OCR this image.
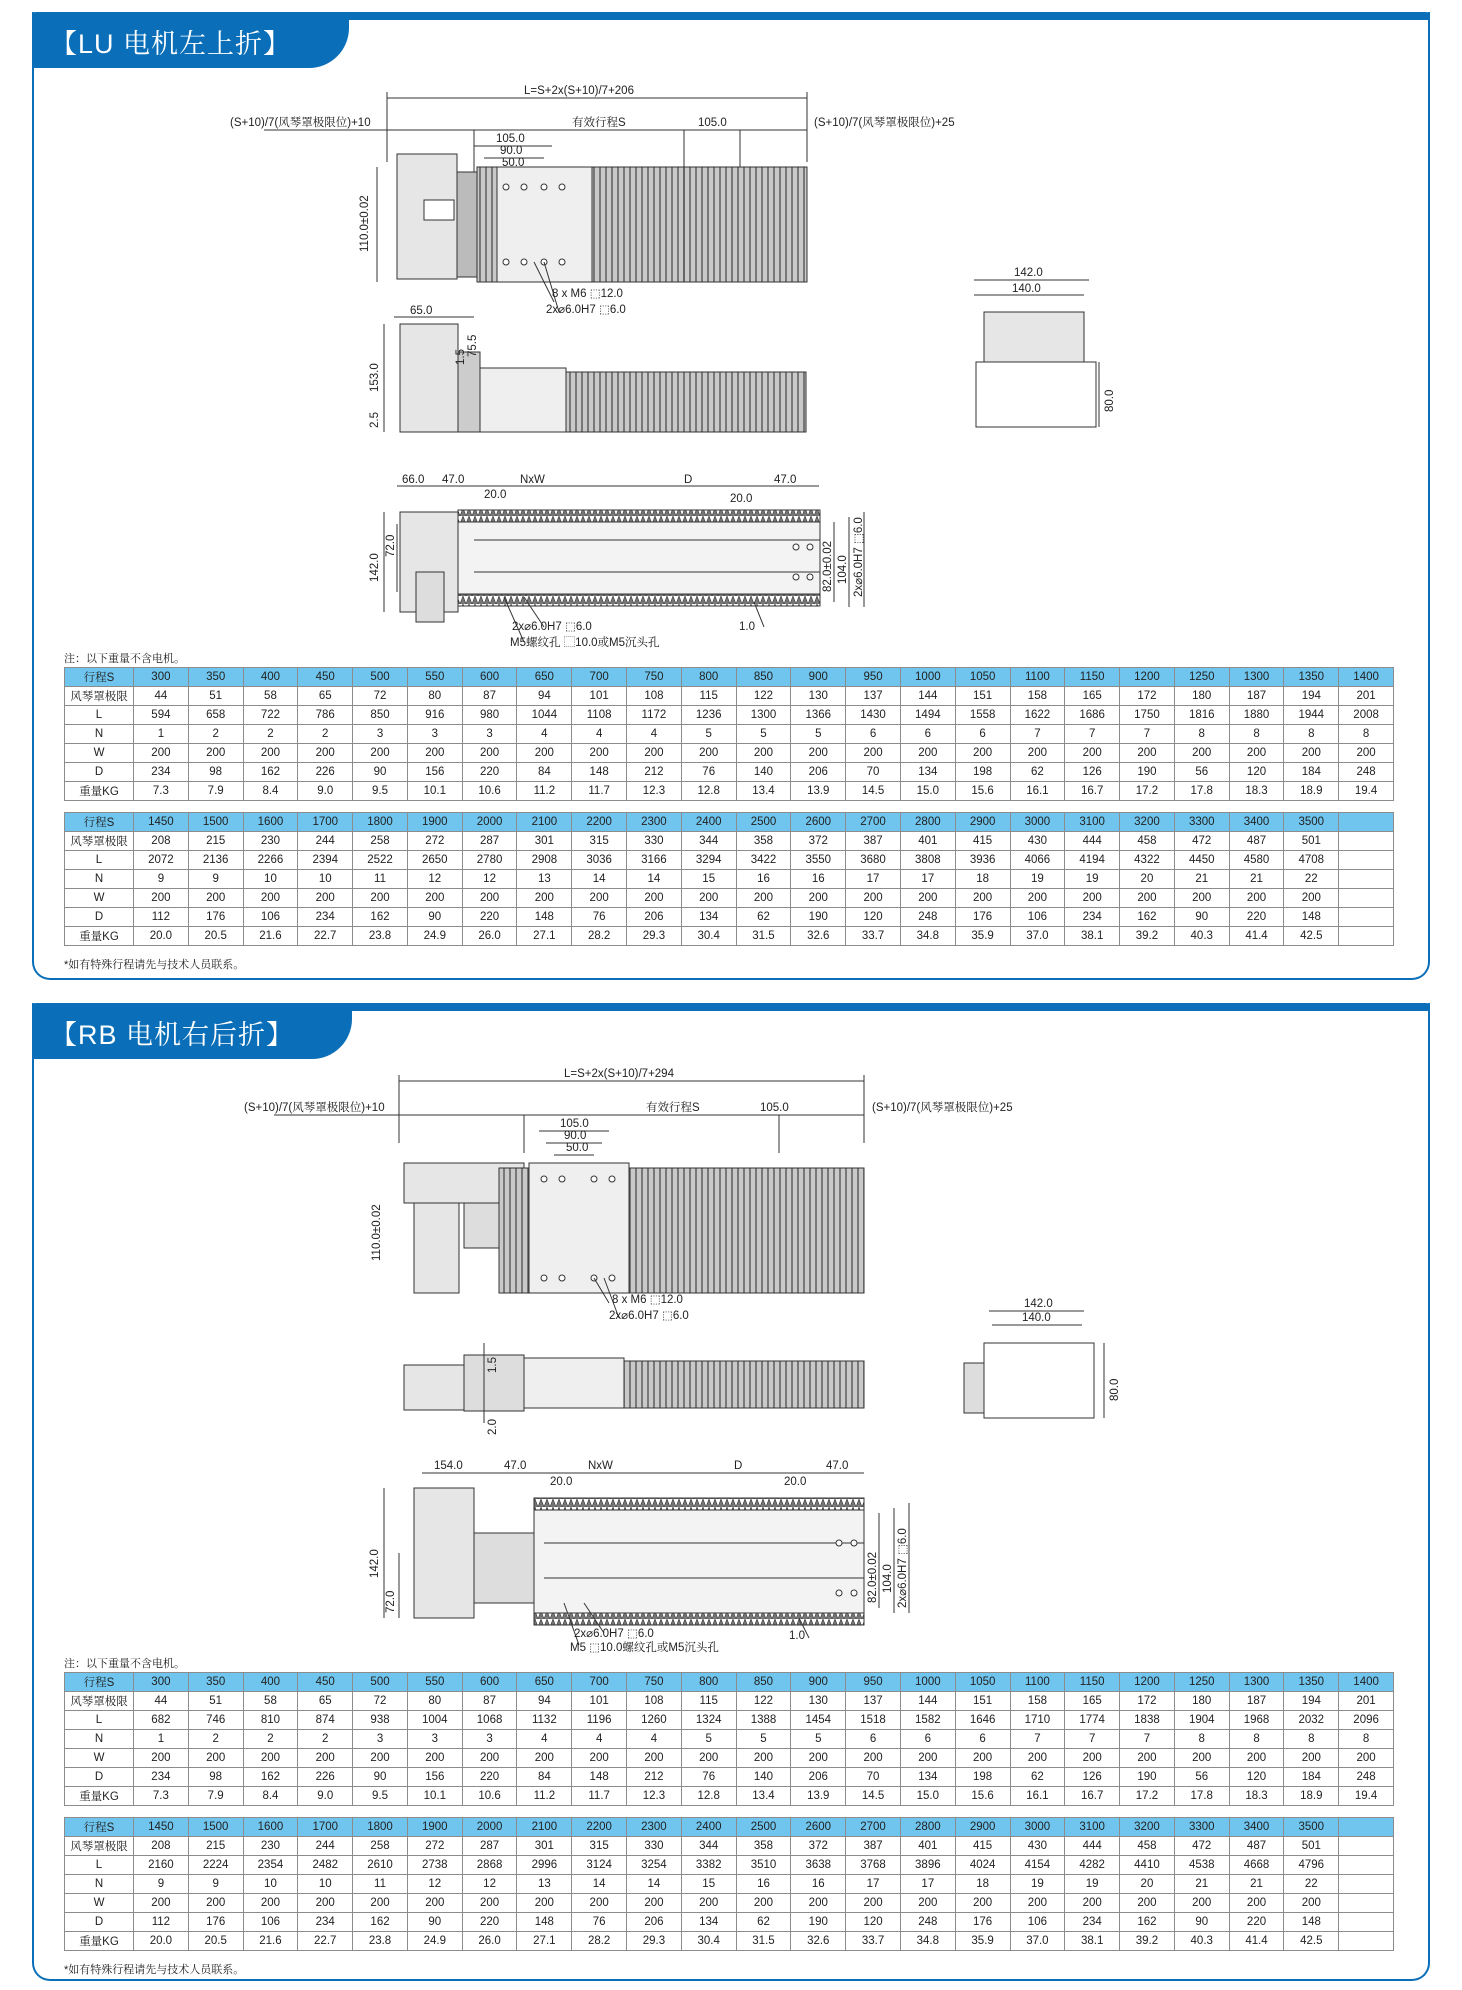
【LU 电机左上折】
L=S+2x(S+10)/7+206
(S+10)/7(风琴罩极限位)+10	有效行程S	105.0	(S+10)/7(风琴罩极限位)+25
105.0
90.0
50.0
110.0±0.02
8 x M6 ⬚12.0
2x⌀6.0H7 ⬚6.0
65.0
153.0
75.5
1.5
2.5
142.0
140.0
80.0
66.0 47.0	NxW	D	47.0
20.0	20.0
142.0
72.0	82.0±0.02 104.0 2x⌀6.0H7 ⬚6.0
1.0
2x⌀6.0H7 ⬚6.0
M5螺纹孔 ⬚10.0或M5沉头孔
注：以下重量不含电机。
行程S	300	350	400	450	500	550	600	650	700	750	800	850	900	950	1000	1050	1100	1150	1200	1250	1300	1350	1400
风琴罩极限	44	51	58	65	72	80	87	94	101	108	115	122	130	137	144	151	158	165	172	180	187	194	201
L	594	658	722	786	850	916	980	1044	1108	1172	1236	1300	1366	1430	1494	1558	1622	1686	1750	1816	1880	1944	2008
N	1	2	2	2	3	3	3	4	4	4	5	5	5	6	6	6	7	7	7	8	8	8	8
W	200	200	200	200	200	200	200	200	200	200	200	200	200	200	200	200	200	200	200	200	200	200	200
D	234	98	162	226	90	156	220	84	148	212	76	140	206	70	134	198	62	126	190	56	120	184	248
重量KG	7.3	7.9	8.4	9.0	9.5	10.1	10.6	11.2	11.7	12.3	12.8	13.4	13.9	14.5	15.0	15.6	16.1	16.7	17.2	17.8	18.3	18.9	19.4
行程S	1450	1500	1600	1700	1800	1900	2000	2100	2200	2300	2400	2500	2600	2700	2800	2900	3000	3100	3200	3300	3400	3500	
风琴罩极限	208	215	230	244	258	272	287	301	315	330	344	358	372	387	401	415	430	444	458	472	487	501	
L	2072	2136	2266	2394	2522	2650	2780	2908	3036	3166	3294	3422	3550	3680	3808	3936	4066	4194	4322	4450	4580	4708	
N	9	9	10	10	11	12	12	13	14	14	15	16	16	17	17	18	19	19	20	21	21	22	
W	200	200	200	200	200	200	200	200	200	200	200	200	200	200	200	200	200	200	200	200	200	200	
D	112	176	106	234	162	90	220	148	76	206	134	62	190	120	248	176	106	234	162	90	220	148	
重量KG	20.0	20.5	21.6	22.7	23.8	24.9	26.0	27.1	28.2	29.3	30.4	31.5	32.6	33.7	34.8	35.9	37.0	38.1	39.2	40.3	41.4	42.5	
*如有特殊行程请先与技术人员联系。
【RB 电机右后折】
L=S+2x(S+10)/7+294
(S+10)/7(风琴罩极限位)+10	有效行程S	105.0	(S+10)/7(风琴罩极限位)+25
105.0
90.0
50.0
110.0±0.02
8 x M6 ⬚12.0
2x⌀6.0H7 ⬚6.0
1.5
2.0
142.0
140.0
80.0
154.0	47.0	NxW	D	47.0
20.0	20.0
142.0
72.0	82.0±0.02 104.0 2x⌀6.0H7 ⬚6.0
1.0
2x⌀6.0H7 ⬚6.0
M5 ⬚10.0螺纹孔或M5沉头孔
注：以下重量不含电机。
行程S	300	350	400	450	500	550	600	650	700	750	800	850	900	950	1000	1050	1100	1150	1200	1250	1300	1350	1400
风琴罩极限	44	51	58	65	72	80	87	94	101	108	115	122	130	137	144	151	158	165	172	180	187	194	201
L	682	746	810	874	938	1004	1068	1132	1196	1260	1324	1388	1454	1518	1582	1646	1710	1774	1838	1904	1968	2032	2096
N	1	2	2	2	3	3	3	4	4	4	5	5	5	6	6	6	7	7	7	8	8	8	8
W	200	200	200	200	200	200	200	200	200	200	200	200	200	200	200	200	200	200	200	200	200	200	200
D	234	98	162	226	90	156	220	84	148	212	76	140	206	70	134	198	62	126	190	56	120	184	248
重量KG	7.3	7.9	8.4	9.0	9.5	10.1	10.6	11.2	11.7	12.3	12.8	13.4	13.9	14.5	15.0	15.6	16.1	16.7	17.2	17.8	18.3	18.9	19.4
行程S	1450	1500	1600	1700	1800	1900	2000	2100	2200	2300	2400	2500	2600	2700	2800	2900	3000	3100	3200	3300	3400	3500	
风琴罩极限	208	215	230	244	258	272	287	301	315	330	344	358	372	387	401	415	430	444	458	472	487	501	
L	2160	2224	2354	2482	2610	2738	2868	2996	3124	3254	3382	3510	3638	3768	3896	4024	4154	4282	4410	4538	4668	4796	
N	9	9	10	10	11	12	12	13	14	14	15	16	16	17	17	18	19	19	20	21	21	22	
W	200	200	200	200	200	200	200	200	200	200	200	200	200	200	200	200	200	200	200	200	200	200	
D	112	176	106	234	162	90	220	148	76	206	134	62	190	120	248	176	106	234	162	90	220	148	
重量KG	20.0	20.5	21.6	22.7	23.8	24.9	26.0	27.1	28.2	29.3	30.4	31.5	32.6	33.7	34.8	35.9	37.0	38.1	39.2	40.3	41.4	42.5	
*如有特殊行程请先与技术人员联系。
